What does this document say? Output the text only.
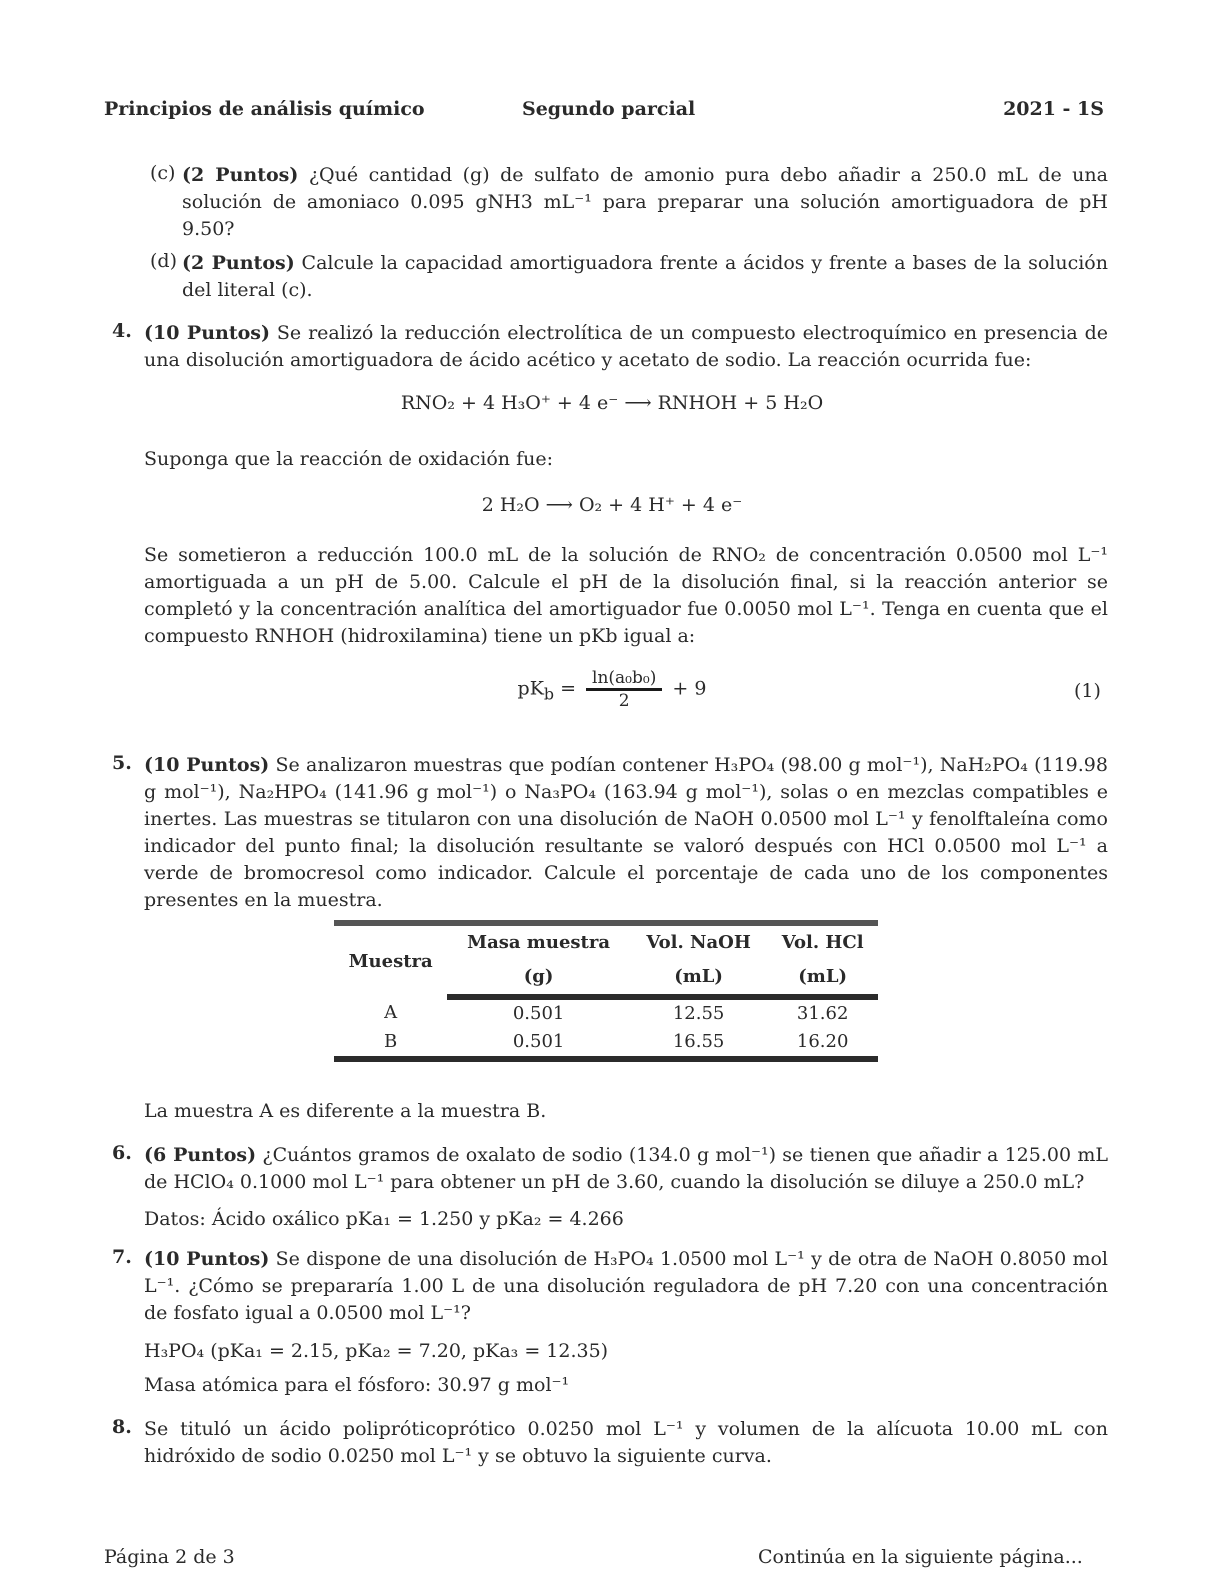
Principios de análisis químico	Segundo parcial	2021 - 1S
(c) (2 Puntos) ¿Qué cantidad (g) de sulfato de amonio pura debo añadir a 250.0 mL de una solución de amoniaco 0.095 gNH3 mL⁻¹ para preparar una solución amortiguadora de pH 9.50?
(d) (2 Puntos) Calcule la capacidad amortiguadora frente a ácidos y frente a bases de la solución del literal (c).
4. (10 Puntos) Se realizó la reducción electrolítica de un compuesto electroquímico en presencia de una disolución amortiguadora de ácido acético y acetato de sodio. La reacción ocurrida fue:
RNO₂ + 4 H₃O⁺ + 4 e⁻ ⟶ RNHOH + 5 H₂O
Suponga que la reacción de oxidación fue:
2 H₂O ⟶ O₂ + 4 H⁺ + 4 e⁻
Se sometieron a reducción 100.0 mL de la solución de RNO₂ de concentración 0.0500 mol L⁻¹ amortiguada a un pH de 5.00. Calcule el pH de la disolución final, si la reacción anterior se completó y la concentración analítica del amortiguador fue 0.0050 mol L⁻¹. Tenga en cuenta que el compuesto RNHOH (hidroxilamina) tiene un pKb igual a:
$pK_b = \frac{\text{ln(a₀b₀)}}{2} + 9$	(1)
5. (10 Puntos) Se analizaron muestras que podían contener H₃PO₄ (98.00 g mol⁻¹), NaH₂PO₄ (119.98 g mol⁻¹), Na₂HPO₄ (141.96 g mol⁻¹) o Na₃PO₄ (163.94 g mol⁻¹), solas o en mezclas compatibles e inertes. Las muestras se titularon con una disolución de NaOH 0.0500 mol L⁻¹ y fenolftaleína como indicador del punto final; la disolución resultante se valoró después con HCl 0.0500 mol L⁻¹ a verde de bromocresol como indicador. Calcule el porcentaje de cada uno de los componentes presentes en la muestra.
Muestra	Masa muestra	Vol. NaOH	Vol. HCl
	(g)	(mL)	(mL)
A	0.501	12.55	31.62
B	0.501	16.55	16.20
La muestra A es diferente a la muestra B.
6. (6 Puntos) ¿Cuántos gramos de oxalato de sodio (134.0 g mol⁻¹) se tienen que añadir a 125.00 mL de HClO₄ 0.1000 mol L⁻¹ para obtener un pH de 3.60, cuando la disolución se diluye a 250.0 mL?
Datos: Ácido oxálico pKa₁ = 1.250 y pKa₂ = 4.266
7. (10 Puntos) Se dispone de una disolución de H₃PO₄ 1.0500 mol L⁻¹ y de otra de NaOH 0.8050 mol L⁻¹. ¿Cómo se prepararía 1.00 L de una disolución reguladora de pH 7.20 con una concentración de fosfato igual a 0.0500 mol L⁻¹?
H₃PO₄ (pKa₁ = 2.15, pKa₂ = 7.20, pKa₃ = 12.35)
Masa atómica para el fósforo: 30.97 g mol⁻¹
8. Se tituló un ácido polipróticoprótico 0.0250 mol L⁻¹ y volumen de la alícuota 10.00 mL con hidróxido de sodio 0.0250 mol L⁻¹ y se obtuvo la siguiente curva.
Página 2 de 3	Continúa en la siguiente página...
